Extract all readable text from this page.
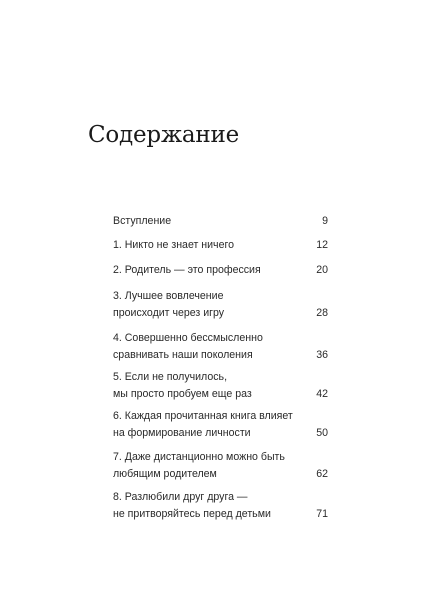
Содержание
Вступление	9
1. Никто не знает ничего	12
2. Родитель — это профессия	20
3. Лучшее вовлечение
происходит через игру	28
4. Совершенно бессмысленно
сравнивать наши поколения	36
5. Если не получилось,
мы просто пробуем еще раз	42
6. Каждая прочитанная книга влияет
на формирование личности	50
7. Даже дистанционно можно быть
любящим родителем	62
8. Разлюбили друг друга —
не притворяйтесь перед детьми	71
